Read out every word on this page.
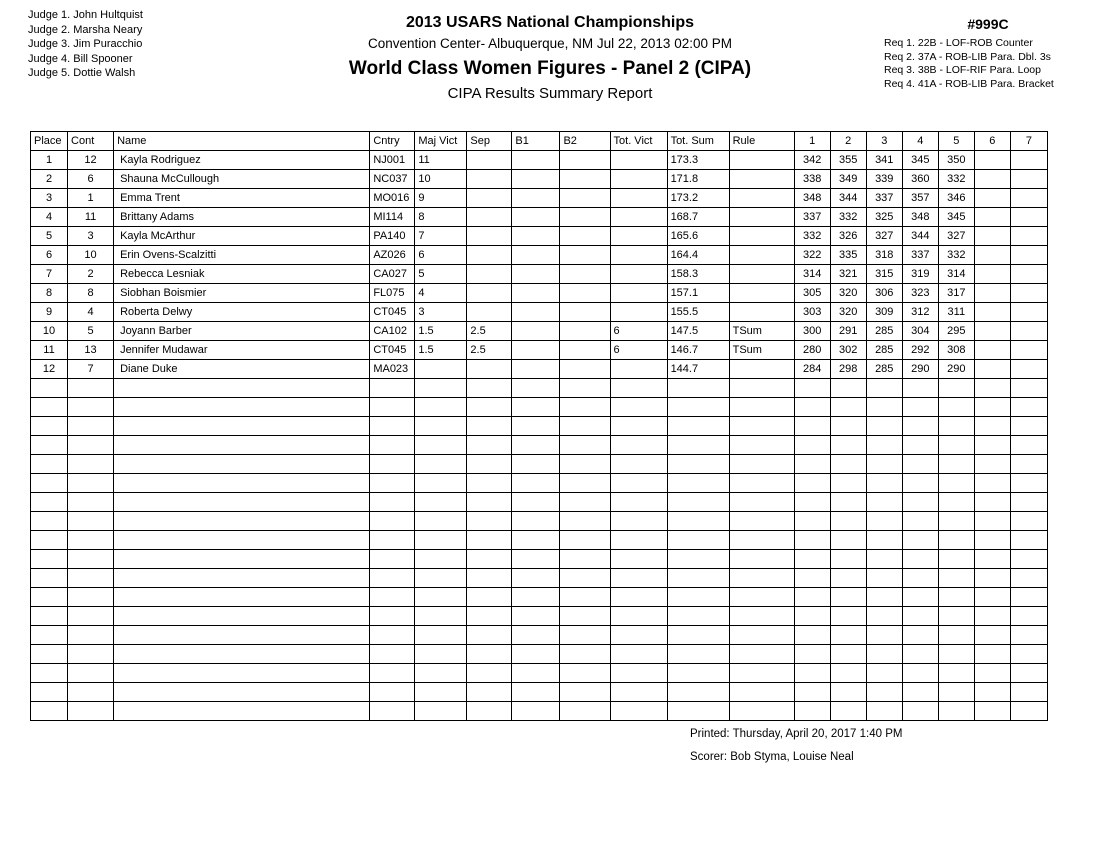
Judge 1. John Hultquist
Judge 2. Marsha Neary
Judge 3. Jim Puracchio
Judge 4. Bill Spooner
Judge 5. Dottie Walsh
2013 USARS National Championships
Convention Center- Albuquerque, NM Jul 22, 2013 02:00 PM
World Class Women Figures - Panel 2 (CIPA)
CIPA Results Summary Report
#999C
Req 1. 22B - LOF-ROB Counter
Req 2. 37A - ROB-LIB Para. Dbl. 3s
Req 3. 38B - LOF-RIF Para. Loop
Req 4. 41A - ROB-LIB Para. Bracket
Place	Cont	Name	Cntry	Maj Vict	Sep	B1	B2	Tot. Vict	Tot. Sum	Rule	1	2	3	4	5	6	7
1	12	Kayla Rodriguez	NJ001	11					173.3		342	355	341	345	350		
2	6	Shauna McCullough	NC037	10					171.8		338	349	339	360	332		
3	1	Emma Trent	MO016	9					173.2		348	344	337	357	346		
4	11	Brittany Adams	MI114	8					168.7		337	332	325	348	345		
5	3	Kayla McArthur	PA140	7					165.6		332	326	327	344	327		
6	10	Erin Ovens-Scalzitti	AZ026	6					164.4		322	335	318	337	332		
7	2	Rebecca Lesniak	CA027	5					158.3		314	321	315	319	314		
8	8	Siobhan Boismier	FL075	4					157.1		305	320	306	323	317		
9	4	Roberta Delwy	CT045	3					155.5		303	320	309	312	311		
10	5	Joyann Barber	CA102	1.5	2.5			6	147.5	TSum	300	291	285	304	295		
11	13	Jennifer Mudawar	CT045	1.5	2.5			6	146.7	TSum	280	302	285	292	308		
12	7	Diane Duke	MA023						144.7		284	298	285	290	290		

Printed: Thursday, April 20, 2017 1:40 PM
Scorer: Bob Styma, Louise Neal
